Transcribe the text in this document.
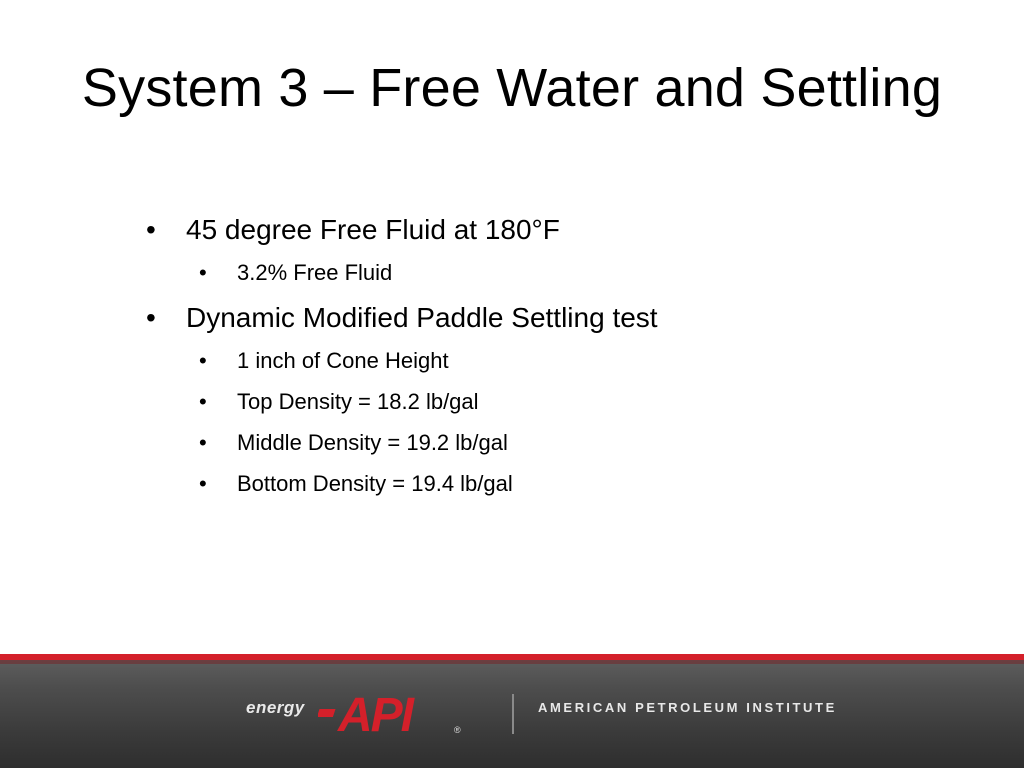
System 3 – Free Water and Settling
•	45 degree Free Fluid at 180°F
•	3.2% Free Fluid
•	Dynamic Modified Paddle Settling test
•	1 inch of Cone Height
•	Top Density = 18.2 lb/gal
•	Middle Density = 19.2 lb/gal
•	Bottom Density = 19.4 lb/gal
energy API	®
AMERICAN PETROLEUM INSTITUTE
